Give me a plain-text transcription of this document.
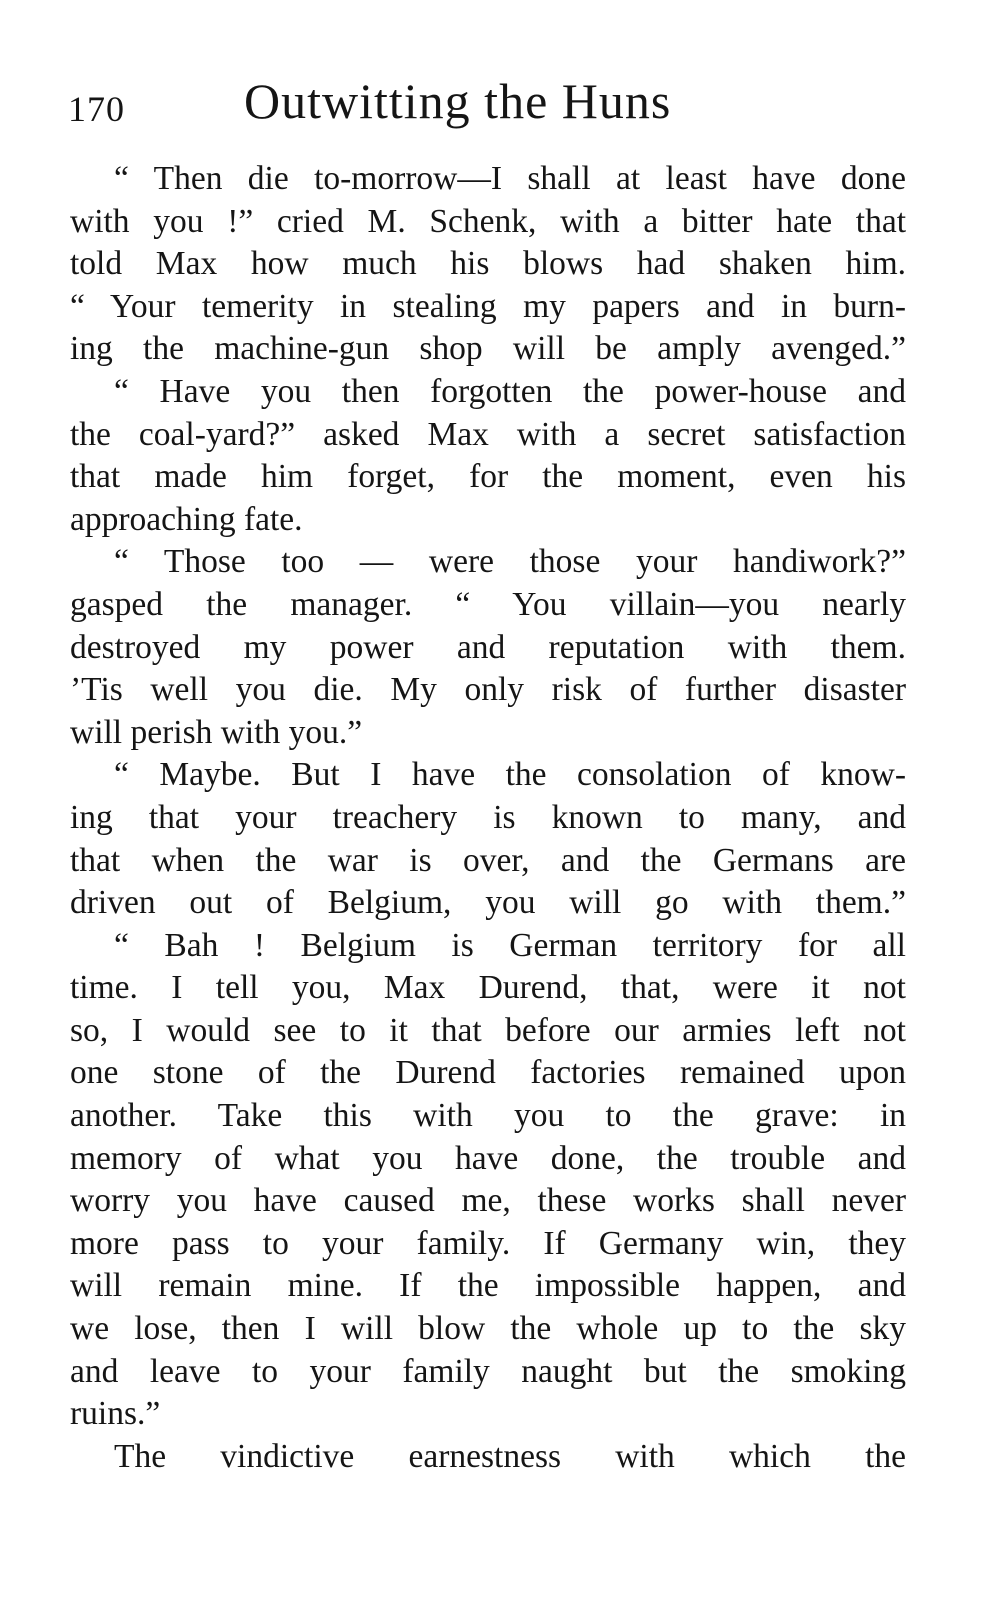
170 Outwitting the Huns
“ Then die to-morrow—I shall at least have done
with you !” cried M. Schenk, with a bitter hate that
told Max how much his blows had shaken him.
“ Your temerity in stealing my papers and in burn-
ing the machine-gun shop will be amply avenged.”
“ Have you then forgotten the power-house and
the coal-yard?” asked Max with a secret satisfaction
that made him forget, for the moment, even his
approaching fate.
“ Those too — were those your handiwork?”
gasped the manager. “ You villain—you nearly
destroyed my power and reputation with them.
’Tis well you die. My only risk of further disaster
will perish with you.”
“ Maybe. But I have the consolation of know-
ing that your treachery is known to many, and
that when the war is over, and the Germans are
driven out of Belgium, you will go with them.”
“ Bah ! Belgium is German territory for all
time. I tell you, Max Durend, that, were it not
so, I would see to it that before our armies left not
one stone of the Durend factories remained upon
another. Take this with you to the grave: in
memory of what you have done, the trouble and
worry you have caused me, these works shall never
more pass to your family. If Germany win, they
will remain mine. If the impossible happen, and
we lose, then I will blow the whole up to the sky
and leave to your family naught but the smoking
ruins.”
The vindictive earnestness with which the
